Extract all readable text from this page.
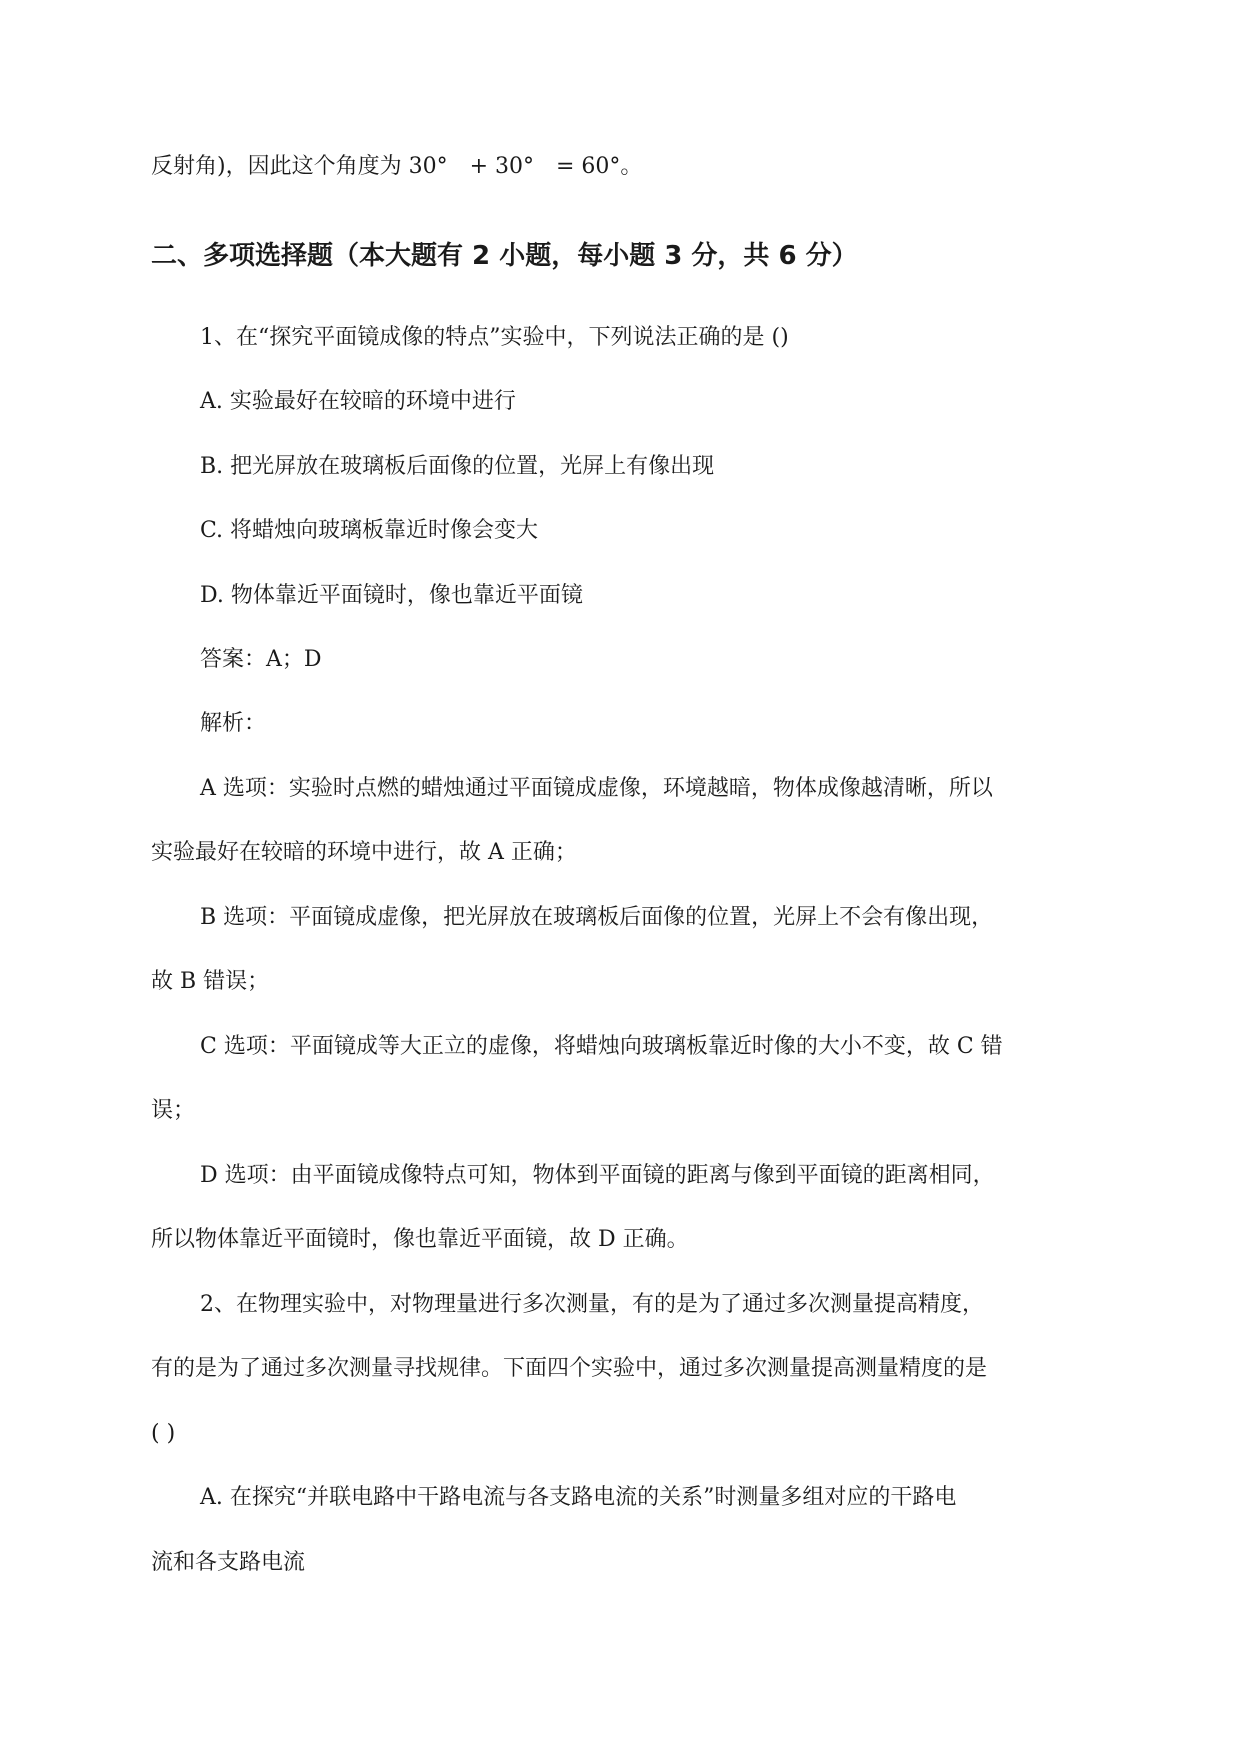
反射角)，因此这个角度为 30°　+ 30°　= 60°。
二、多项选择题（本大题有 2 小题，每小题 3 分，共 6 分）
1、在“探究平面镜成像的特点”实验中，下列说法正确的是 ()
A. 实验最好在较暗的环境中进行
B. 把光屏放在玻璃板后面像的位置，光屏上有像出现
C. 将蜡烛向玻璃板靠近时像会变大
D. 物体靠近平面镜时，像也靠近平面镜
答案：A；D
解析：
A 选项：实验时点燃的蜡烛通过平面镜成虚像，环境越暗，物体成像越清晰，所以
实验最好在较暗的环境中进行，故 A 正确；
B 选项：平面镜成虚像，把光屏放在玻璃板后面像的位置，光屏上不会有像出现，
故 B 错误；
C 选项：平面镜成等大正立的虚像，将蜡烛向玻璃板靠近时像的大小不变，故 C 错
误；
D 选项：由平面镜成像特点可知，物体到平面镜的距离与像到平面镜的距离相同，
所以物体靠近平面镜时，像也靠近平面镜，故 D 正确。
2、在物理实验中，对物理量进行多次测量，有的是为了通过多次测量提高精度，
有的是为了通过多次测量寻找规律。下面四个实验中，通过多次测量提高测量精度的是
( )
A. 在探究“并联电路中干路电流与各支路电流的关系”时测量多组对应的干路电
流和各支路电流
